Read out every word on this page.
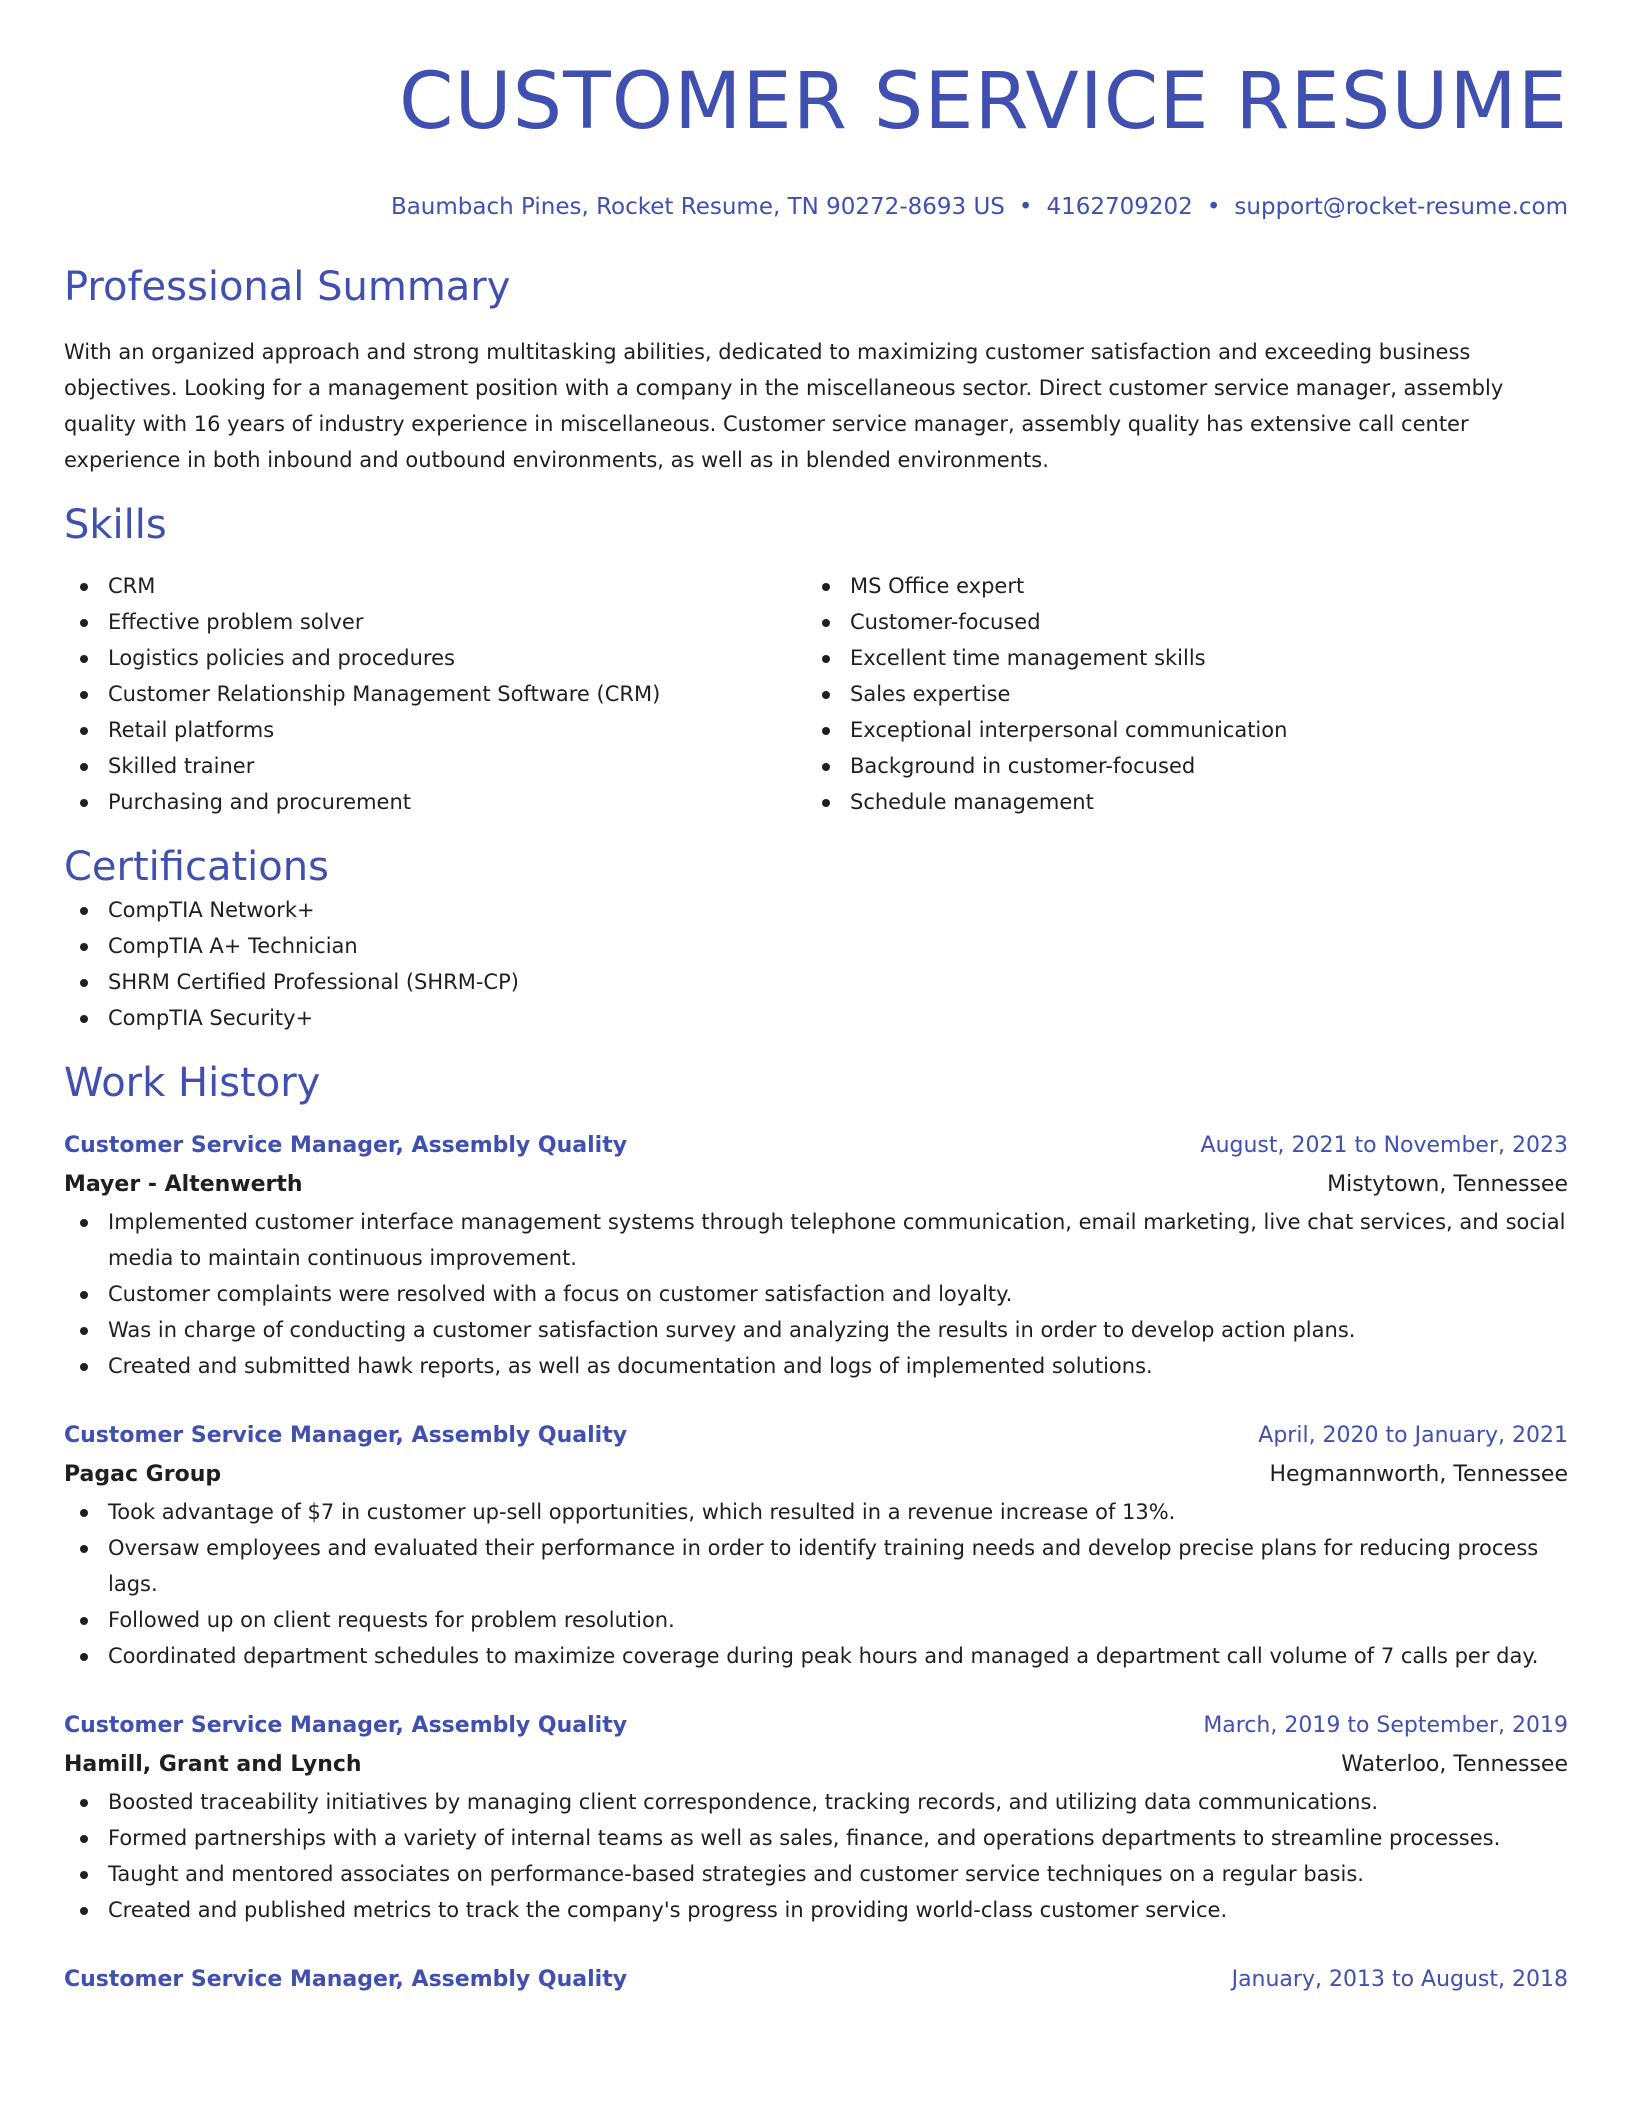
CUSTOMER SERVICE RESUME
Baumbach Pines, Rocket Resume, TN 90272-8693 US • 4162709202 • support@rocket-resume.com
Professional Summary
With an organized approach and strong multitasking abilities, dedicated to maximizing customer satisfaction and exceeding business objectives. Looking for a management position with a company in the miscellaneous sector. Direct customer service manager, assembly quality with 16 years of industry experience in miscellaneous. Customer service manager, assembly quality has extensive call center experience in both inbound and outbound environments, as well as in blended environments.
Skills
CRM
Effective problem solver
Logistics policies and procedures
Customer Relationship Management Software (CRM)
Retail platforms
Skilled trainer
Purchasing and procurement
MS Office expert
Customer-focused
Excellent time management skills
Sales expertise
Exceptional interpersonal communication
Background in customer-focused
Schedule management
Certifications
CompTIA Network+
CompTIA A+ Technician
SHRM Certified Professional (SHRM-CP)
CompTIA Security+
Work History
Customer Service Manager, Assembly Quality	August, 2021 to November, 2023
Mayer - Altenwerth	Mistytown, Tennessee
Implemented customer interface management systems through telephone communication, email marketing, live chat services, and social media to maintain continuous improvement.
Customer complaints were resolved with a focus on customer satisfaction and loyalty.
Was in charge of conducting a customer satisfaction survey and analyzing the results in order to develop action plans.
Created and submitted hawk reports, as well as documentation and logs of implemented solutions.
Customer Service Manager, Assembly Quality	April, 2020 to January, 2021
Pagac Group	Hegmannworth, Tennessee
Took advantage of $7 in customer up-sell opportunities, which resulted in a revenue increase of 13%.
Oversaw employees and evaluated their performance in order to identify training needs and develop precise plans for reducing process lags.
Followed up on client requests for problem resolution.
Coordinated department schedules to maximize coverage during peak hours and managed a department call volume of 7 calls per day.
Customer Service Manager, Assembly Quality	March, 2019 to September, 2019
Hamill, Grant and Lynch	Waterloo, Tennessee
Boosted traceability initiatives by managing client correspondence, tracking records, and utilizing data communications.
Formed partnerships with a variety of internal teams as well as sales, finance, and operations departments to streamline processes.
Taught and mentored associates on performance-based strategies and customer service techniques on a regular basis.
Created and published metrics to track the company's progress in providing world-class customer service.
Customer Service Manager, Assembly Quality	January, 2013 to August, 2018
